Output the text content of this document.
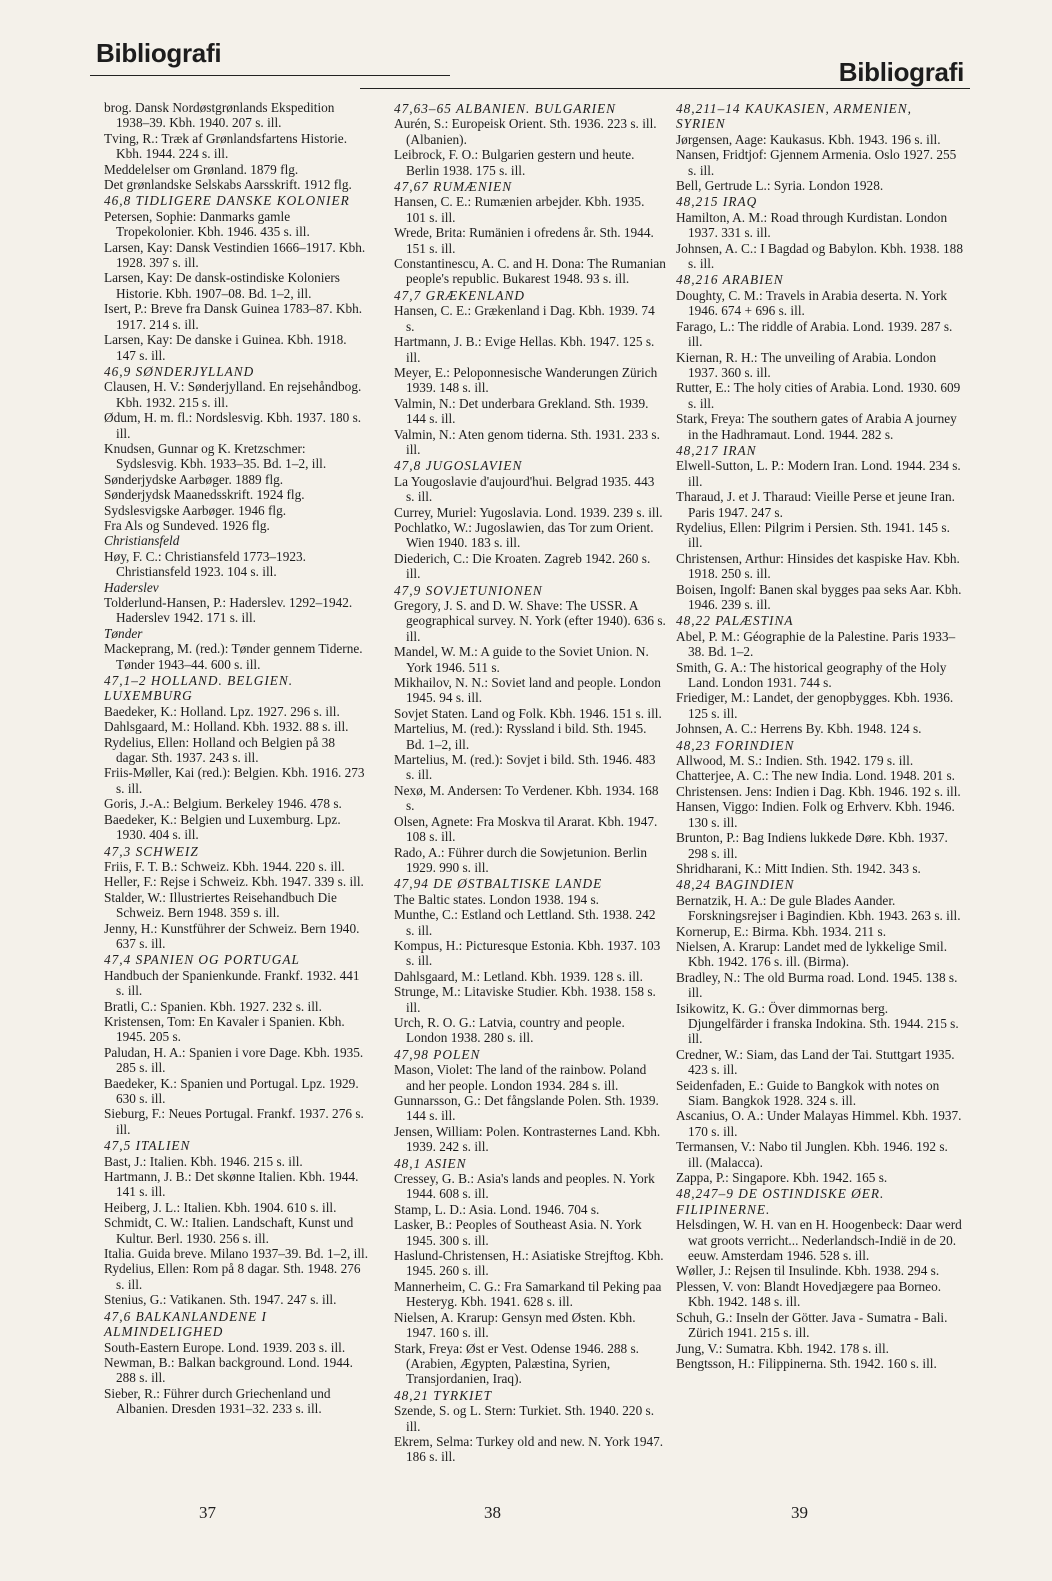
Bibliografi
Bibliografi

brog. Dansk Nordøstgrønlands Ekspedition 1938–39. Kbh. 1940. 207 s. ill.

Tving, R.: Træk af Grønlandsfartens Historie. Kbh. 1944. 224 s. ill.

Meddelelser om Grønland. 1879 flg.

Det grønlandske Selskabs Aarsskrift. 1912 flg.

46,8 TIDLIGERE DANSKE KOLONIER

Petersen, Sophie: Danmarks gamle Tropekolonier. Kbh. 1946. 435 s. ill.

Larsen, Kay: Dansk Vestindien 1666–1917. Kbh. 1928. 397 s. ill.

Larsen, Kay: De dansk-ostindiske Koloniers Historie. Kbh. 1907–08. Bd. 1–2, ill.

Isert, P.: Breve fra Dansk Guinea 1783–87. Kbh. 1917. 214 s. ill.

Larsen, Kay: De danske i Guinea. Kbh. 1918. 147 s. ill.

46,9 SØNDERJYLLAND

Clausen, H. V.: Sønderjylland. En rejsehåndbog. Kbh. 1932. 215 s. ill.

Ødum, H. m. fl.: Nordslesvig. Kbh. 1937. 180 s. ill.

Knudsen, Gunnar og K. Kretzschmer: Sydslesvig. Kbh. 1933–35. Bd. 1–2, ill.

Sønderjydske Aarbøger. 1889 flg.

Sønderjydsk Maanedsskrift. 1924 flg.

Sydslesvigske Aarbøger. 1946 flg.

Fra Als og Sundeved. 1926 flg.

Christiansfeld

Høy, F. C.: Christiansfeld 1773–1923. Christiansfeld 1923. 104 s. ill.

Haderslev

Tolderlund-Hansen, P.: Haderslev. 1292–1942. Haderslev 1942. 171 s. ill.

Tønder

Mackeprang, M. (red.): Tønder gennem Tiderne. Tønder 1943–44. 600 s. ill.

47,1–2 HOLLAND. BELGIEN. LUXEMBURG

Baedeker, K.: Holland. Lpz. 1927. 296 s. ill.

Dahlsgaard, M.: Holland. Kbh. 1932. 88 s. ill.

Rydelius, Ellen: Holland och Belgien på 38 dagar. Sth. 1937. 243 s. ill.

Friis-Møller, Kai (red.): Belgien. Kbh. 1916. 273 s. ill.

Goris, J.-A.: Belgium. Berkeley 1946. 478 s.

Baedeker, K.: Belgien und Luxemburg. Lpz. 1930. 404 s. ill.

47,3 SCHWEIZ

Friis, F. T. B.: Schweiz. Kbh. 1944. 220 s. ill.

Heller, F.: Rejse i Schweiz. Kbh. 1947. 339 s. ill.

Stalder, W.: Illustriertes Reisehandbuch Die Schweiz. Bern 1948. 359 s. ill.

Jenny, H.: Kunstführer der Schweiz. Bern 1940. 637 s. ill.

47,4 SPANIEN OG PORTUGAL

Handbuch der Spanienkunde. Frankf. 1932. 441 s. ill.

Bratli, C.: Spanien. Kbh. 1927. 232 s. ill.

Kristensen, Tom: En Kavaler i Spanien. Kbh. 1945. 205 s.

Paludan, H. A.: Spanien i vore Dage. Kbh. 1935. 285 s. ill.

Baedeker, K.: Spanien und Portugal. Lpz. 1929. 630 s. ill.

Sieburg, F.: Neues Portugal. Frankf. 1937. 276 s. ill.

47,5 ITALIEN

Bast, J.: Italien. Kbh. 1946. 215 s. ill.

Hartmann, J. B.: Det skønne Italien. Kbh. 1944. 141 s. ill.

Heiberg, J. L.: Italien. Kbh. 1904. 610 s. ill.

Schmidt, C. W.: Italien. Landschaft, Kunst und Kultur. Berl. 1930. 256 s. ill.

Italia. Guida breve. Milano 1937–39. Bd. 1–2, ill.

Rydelius, Ellen: Rom på 8 dagar. Sth. 1948. 276 s. ill.

Stenius, G.: Vatikanen. Sth. 1947. 247 s. ill.

47,6 BALKANLANDENE I ALMINDELIGHED

South-Eastern Europe. Lond. 1939. 203 s. ill.

Newman, B.: Balkan background. Lond. 1944. 288 s. ill.

Sieber, R.: Führer durch Griechenland und Albanien. Dresden 1931–32. 233 s. ill.

47,63–65 ALBANIEN. BULGARIEN

Aurén, S.: Europeisk Orient. Sth. 1936. 223 s. ill. (Albanien).

Leibrock, F. O.: Bulgarien gestern und heute. Berlin 1938. 175 s. ill.

47,67 RUMÆNIEN

Hansen, C. E.: Rumænien arbejder. Kbh. 1935. 101 s. ill.

Wrede, Brita: Rumänien i ofredens år. Sth. 1944. 151 s. ill.

Constantinescu, A. C. and H. Dona: The Rumanian people's republic. Bukarest 1948. 93 s. ill.

47,7 GRÆKENLAND

Hansen, C. E.: Grækenland i Dag. Kbh. 1939. 74 s.

Hartmann, J. B.: Evige Hellas. Kbh. 1947. 125 s. ill.

Meyer, E.: Peloponnesische Wanderungen Zürich 1939. 148 s. ill.

Valmin, N.: Det underbara Grekland. Sth. 1939. 144 s. ill.

Valmin, N.: Aten genom tiderna. Sth. 1931. 233 s. ill.

47,8 JUGOSLAVIEN

La Yougoslavie d'aujourd'hui. Belgrad 1935. 443 s. ill.

Currey, Muriel: Yugoslavia. Lond. 1939. 239 s. ill.

Pochlatko, W.: Jugoslawien, das Tor zum Orient. Wien 1940. 183 s. ill.

Diederich, C.: Die Kroaten. Zagreb 1942. 260 s. ill.

47,9 SOVJETUNIONEN

Gregory, J. S. and D. W. Shave: The USSR. A geographical survey. N. York (efter 1940). 636 s. ill.

Mandel, W. M.: A guide to the Soviet Union. N. York 1946. 511 s.

Mikhailov, N. N.: Soviet land and people. London 1945. 94 s. ill.

Sovjet Staten. Land og Folk. Kbh. 1946. 151 s. ill.

Martelius, M. (red.): Ryssland i bild. Sth. 1945. Bd. 1–2, ill.

Martelius, M. (red.): Sovjet i bild. Sth. 1946. 483 s. ill.

Nexø, M. Andersen: To Verdener. Kbh. 1934. 168 s.

Olsen, Agnete: Fra Moskva til Ararat. Kbh. 1947. 108 s. ill.

Rado, A.: Führer durch die Sowjetunion. Berlin 1929. 990 s. ill.

47,94 DE ØSTBALTISKE LANDE

The Baltic states. London 1938. 194 s.

Munthe, C.: Estland och Lettland. Sth. 1938. 242 s. ill.

Kompus, H.: Picturesque Estonia. Kbh. 1937. 103 s. ill.

Dahlsgaard, M.: Letland. Kbh. 1939. 128 s. ill.

Strunge, M.: Litaviske Studier. Kbh. 1938. 158 s. ill.

Urch, R. O. G.: Latvia, country and people. London 1938. 280 s. ill.

47,98 POLEN

Mason, Violet: The land of the rainbow. Poland and her people. London 1934. 284 s. ill.

Gunnarsson, G.: Det fångslande Polen. Sth. 1939. 144 s. ill.

Jensen, William: Polen. Kontrasternes Land. Kbh. 1939. 242 s. ill.

48,1 ASIEN

Cressey, G. B.: Asia's lands and peoples. N. York 1944. 608 s. ill.

Stamp, L. D.: Asia. Lond. 1946. 704 s.

Lasker, B.: Peoples of Southeast Asia. N. York 1945. 300 s. ill.

Haslund-Christensen, H.: Asiatiske Strejftog. Kbh. 1945. 260 s. ill.

Mannerheim, C. G.: Fra Samarkand til Peking paa Hesteryg. Kbh. 1941. 628 s. ill.

Nielsen, A. Krarup: Gensyn med Østen. Kbh. 1947. 160 s. ill.

Stark, Freya: Øst er Vest. Odense 1946. 288 s. (Arabien, Ægypten, Palæstina, Syrien, Transjordanien, Iraq).

48,21 TYRKIET

Szende, S. og L. Stern: Turkiet. Sth. 1940. 220 s. ill.

Ekrem, Selma: Turkey old and new. N. York 1947. 186 s. ill.

48,211–14 KAUKASIEN, ARMENIEN, SYRIEN

Jørgensen, Aage: Kaukasus. Kbh. 1943. 196 s. ill.

Nansen, Fridtjof: Gjennem Armenia. Oslo 1927. 255 s. ill.

Bell, Gertrude L.: Syria. London 1928.

48,215 IRAQ

Hamilton, A. M.: Road through Kurdistan. London 1937. 331 s. ill.

Johnsen, A. C.: I Bagdad og Babylon. Kbh. 1938. 188 s. ill.

48,216 ARABIEN

Doughty, C. M.: Travels in Arabia deserta. N. York 1946. 674 + 696 s. ill.

Farago, L.: The riddle of Arabia. Lond. 1939. 287 s. ill.

Kiernan, R. H.: The unveiling of Arabia. London 1937. 360 s. ill.

Rutter, E.: The holy cities of Arabia. Lond. 1930. 609 s. ill.

Stark, Freya: The southern gates of Arabia A journey in the Hadhramaut. Lond. 1944. 282 s.

48,217 IRAN

Elwell-Sutton, L. P.: Modern Iran. Lond. 1944. 234 s. ill.

Tharaud, J. et J. Tharaud: Vieille Perse et jeune Iran. Paris 1947. 247 s.

Rydelius, Ellen: Pilgrim i Persien. Sth. 1941. 145 s. ill.

Christensen, Arthur: Hinsides det kaspiske Hav. Kbh. 1918. 250 s. ill.

Boisen, Ingolf: Banen skal bygges paa seks Aar. Kbh. 1946. 239 s. ill.

48,22 PALÆSTINA

Abel, P. M.: Géographie de la Palestine. Paris 1933–38. Bd. 1–2.

Smith, G. A.: The historical geography of the Holy Land. London 1931. 744 s.

Friediger, M.: Landet, der genopbygges. Kbh. 1936. 125 s. ill.

Johnsen, A. C.: Herrens By. Kbh. 1948. 124 s.

48,23 FORINDIEN

Allwood, M. S.: Indien. Sth. 1942. 179 s. ill.

Chatterjee, A. C.: The new India. Lond. 1948. 201 s.

Christensen. Jens: Indien i Dag. Kbh. 1946. 192 s. ill.

Hansen, Viggo: Indien. Folk og Erhverv. Kbh. 1946. 130 s. ill.

Brunton, P.: Bag Indiens lukkede Døre. Kbh. 1937. 298 s. ill.

Shridharani, K.: Mitt Indien. Sth. 1942. 343 s.

48,24 BAGINDIEN

Bernatzik, H. A.: De gule Blades Aander. Forskningsrejser i Bagindien. Kbh. 1943. 263 s. ill.

Kornerup, E.: Birma. Kbh. 1934. 211 s.

Nielsen, A. Krarup: Landet med de lykkelige Smil. Kbh. 1942. 176 s. ill. (Birma).

Bradley, N.: The old Burma road. Lond. 1945. 138 s. ill.

Isikowitz, K. G.: Över dimmornas berg. Djungelfärder i franska Indokina. Sth. 1944. 215 s. ill.

Credner, W.: Siam, das Land der Tai. Stuttgart 1935. 423 s. ill.

Seidenfaden, E.: Guide to Bangkok with notes on Siam. Bangkok 1928. 324 s. ill.

Ascanius, O. A.: Under Malayas Himmel. Kbh. 1937. 170 s. ill.

Termansen, V.: Nabo til Junglen. Kbh. 1946. 192 s. ill. (Malacca).

Zappa, P.: Singapore. Kbh. 1942. 165 s.

48,247–9 DE OSTINDISKE ØER. FILIPINERNE.

Helsdingen, W. H. van en H. Hoogenbeck: Daar werd wat groots verricht... Nederlandsch-Indië in de 20. eeuw. Amsterdam 1946. 528 s. ill.

Wøller, J.: Rejsen til Insulinde. Kbh. 1938. 294 s.

Plessen, V. von: Blandt Hovedjægere paa Borneo. Kbh. 1942. 148 s. ill.

Schuh, G.: Inseln der Götter. Java - Sumatra - Bali. Zürich 1941. 215 s. ill.

Jung, V.: Sumatra. Kbh. 1942. 178 s. ill.

Bengtsson, H.: Filippinerna. Sth. 1942. 160 s. ill.

37	38	39
